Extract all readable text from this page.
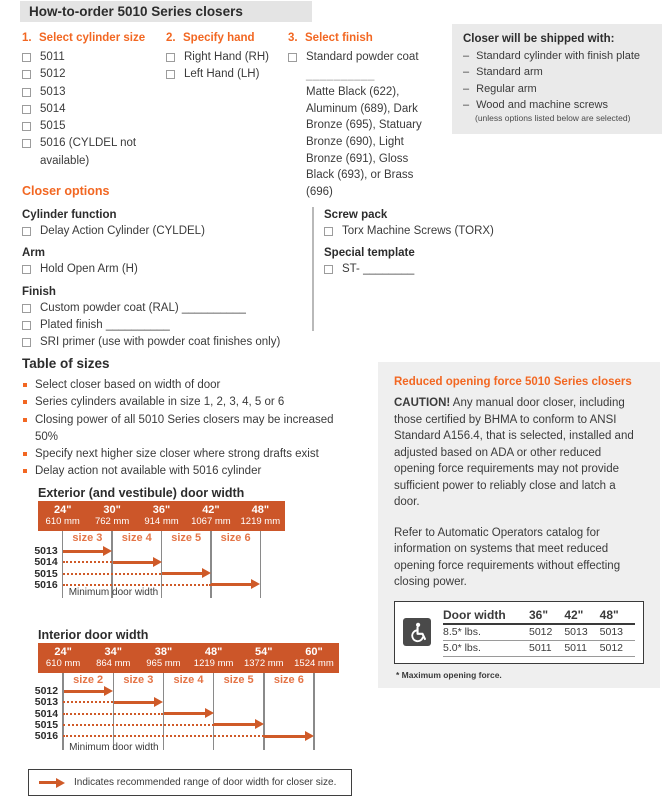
How-to-order 5010 Series closers
1. Select cylinder size
5011
5012
5013
5014
5015
5016 (CYLDEL not available)
2. Specify hand
Right Hand (RH)
Left Hand (LH)
3. Select finish
Standard powder coat
__________
Matte Black (622), Aluminum (689), Dark Bronze (695), Statuary Bronze (690), Light Bronze (691), Gloss Black (693), or Brass (696)
Closer will be shipped with:
– Standard cylinder with finish plate
– Standard arm
– Regular arm
– Wood and machine screws
(unless options listed below are selected)
Closer options
Cylinder function
Delay Action Cylinder (CYLDEL)
Arm
Hold Open Arm (H)
Finish
Custom powder coat (RAL) __________
Plated finish __________
SRI primer (use with powder coat finishes only)
Screw pack
Torx Machine Screws (TORX)
Special template
ST- ________
Table of sizes
Select closer based on width of door
Series cylinders available in size 1, 2, 3, 4, 5 or 6
Closing power of all 5010 Series closers may be increased 50%
Specify next higher size closer where strong drafts exist
Delay action not available with 5016 cylinder
Exterior (and vestibule) door width
24"
610 mm
30"
762 mm
36"
914 mm
42"
1067 mm
48"
1219 mm
size 3	size 4	size 5	size 6
5013
5014
5015
5016
Minimum door width
Interior door width
24"
610 mm
34"
864 mm
38"
965 mm
48"
1219 mm
54"
1372 mm
60"
1524 mm
size 2	size 3	size 4	size 5	size 6
5012
5013
5014
5015
5016
Minimum door width
Reduced opening force 5010 Series closers

CAUTION! Any manual door closer, including those certified by BHMA to conform to ANSI Standard A156.4, that is selected, installed and adjusted based on ADA or other reduced opening force requirements may not provide sufficient power to reliably close and latch a door.

Refer to Automatic Operators catalog for information on systems that meet reduced opening force requirements without effecting closing power.

Door width	36"	42"	48"
8.5* lbs.	5012	5013	5013
5.0* lbs.	5011	5011	5012
* Maximum opening force.
Indicates recommended range of door width for closer size.
